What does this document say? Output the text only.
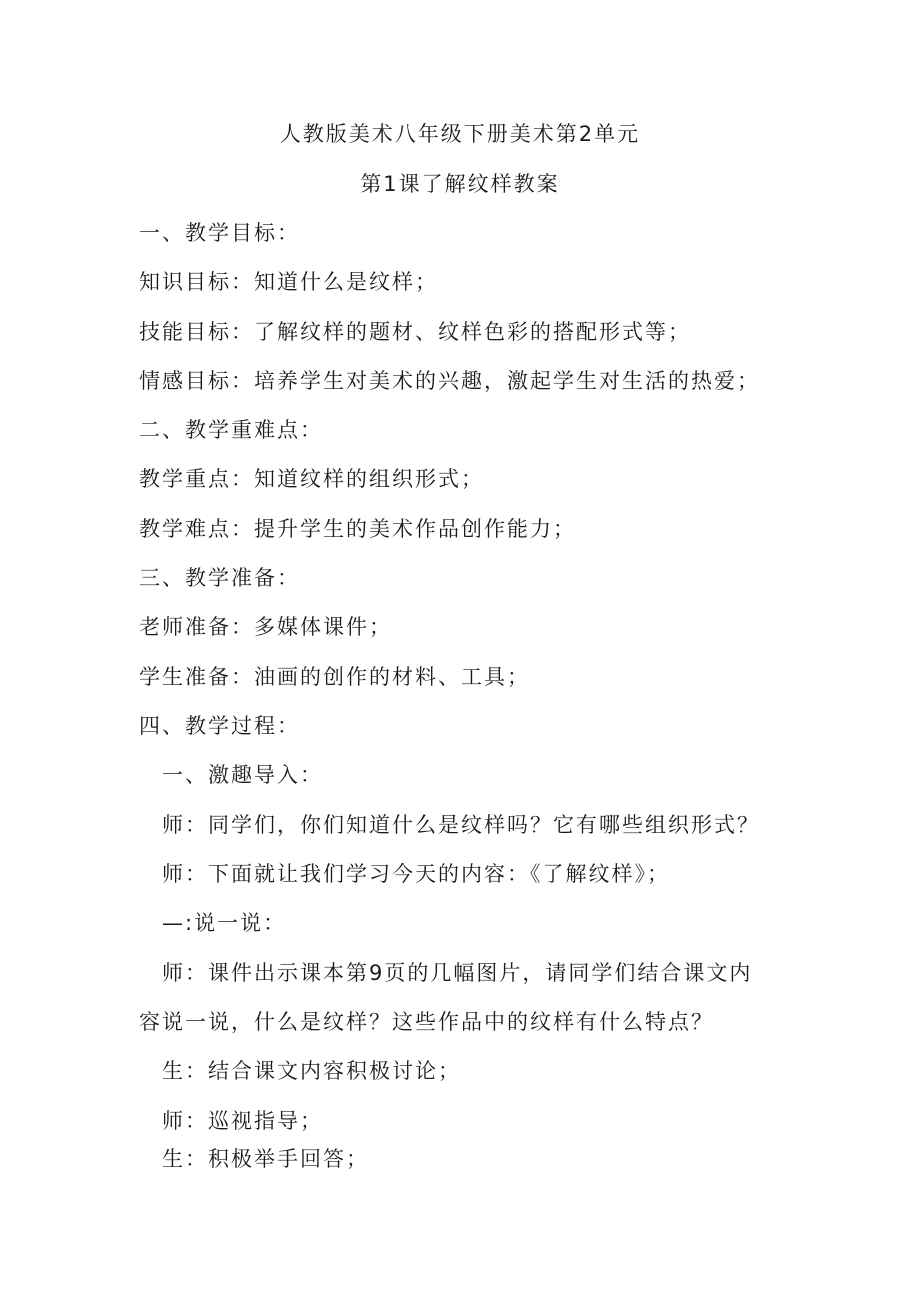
人教版美术八年级下册美术第2单元
第1课了解纹样教案
一、教学目标：
知识目标：知道什么是纹样；
技能目标：了解纹样的题材、纹样色彩的搭配形式等；
情感目标：培养学生对美术的兴趣，激起学生对生活的热爱；
二、教学重难点：
教学重点：知道纹样的组织形式；
教学难点：提升学生的美术作品创作能力；
三、教学准备：
老师准备：多媒体课件；
学生准备：油画的创作的材料、工具；
四、教学过程：
一、激趣导入：
师：同学们，你们知道什么是纹样吗？它有哪些组织形式？
师：下面就让我们学习今天的内容：《了解纹样》；
—:说一说：
师：课件出示课本第9页的几幅图片，请同学们结合课文内
容说一说，什么是纹样？这些作品中的纹样有什么特点？
生：结合课文内容积极讨论；
师：巡视指导；
生：积极举手回答；
